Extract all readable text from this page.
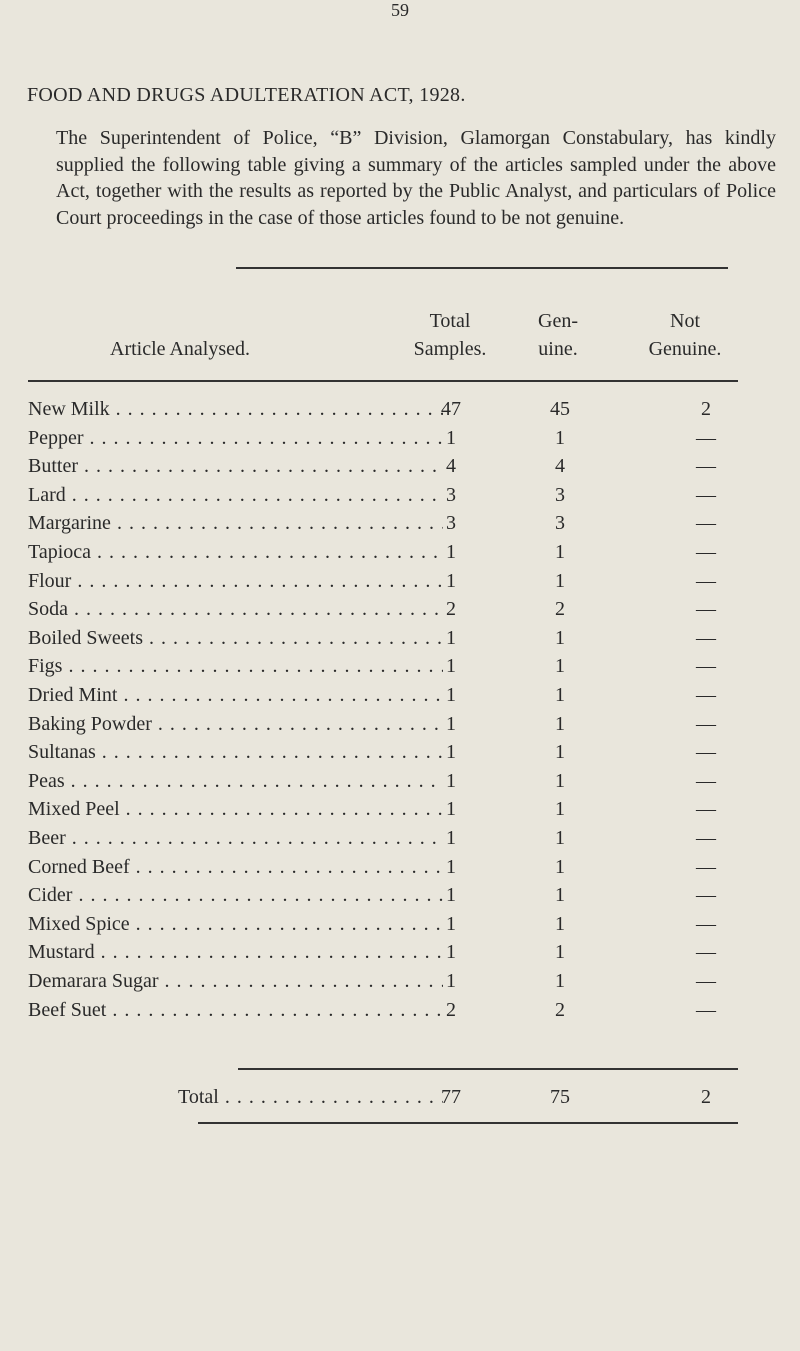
59
FOOD AND DRUGS ADULTERATION ACT, 1928.

The Superintendent of Police, “B” Division, Glamorgan Constabulary, has kindly supplied the following table giving a summary of the articles sampled under the above Act, together with the results as reported by the Public Analyst, and particulars of Police Court proceedings in the case of those articles found to be not genuine.

Article Analysed.
Total
Samples.
Gen-
uine.
Not
Genuine.
New Milk . . .	47	45	2
Pepper . . .	1	1	—
Butter . . .	4	4	—
Lard . . .	3	3	—
Margarine . . .	3	3	—
Tapioca . . .	1	1	—
Flour . . .	1	1	—
Soda . . .	2	2	—
Boiled Sweets . . .	1	1	—
Figs . . .	1	1	—
Dried Mint . . .	1	1	—
Baking Powder . . .	1	1	—
Sultanas . . .	1	1	—
Peas . . .	1	1	—
Mixed Peel . . .	1	1	—
Beer . . .	1	1	—
Corned Beef . . .	1	1	—
Cider . . .	1	1	—
Mixed Spice . . .	1	1	—
Mustard . . .	1	1	—
Demarara Sugar . . .	1	1	—
Beef Suet . . .	2	2	—
Total . . .	77	75	2
